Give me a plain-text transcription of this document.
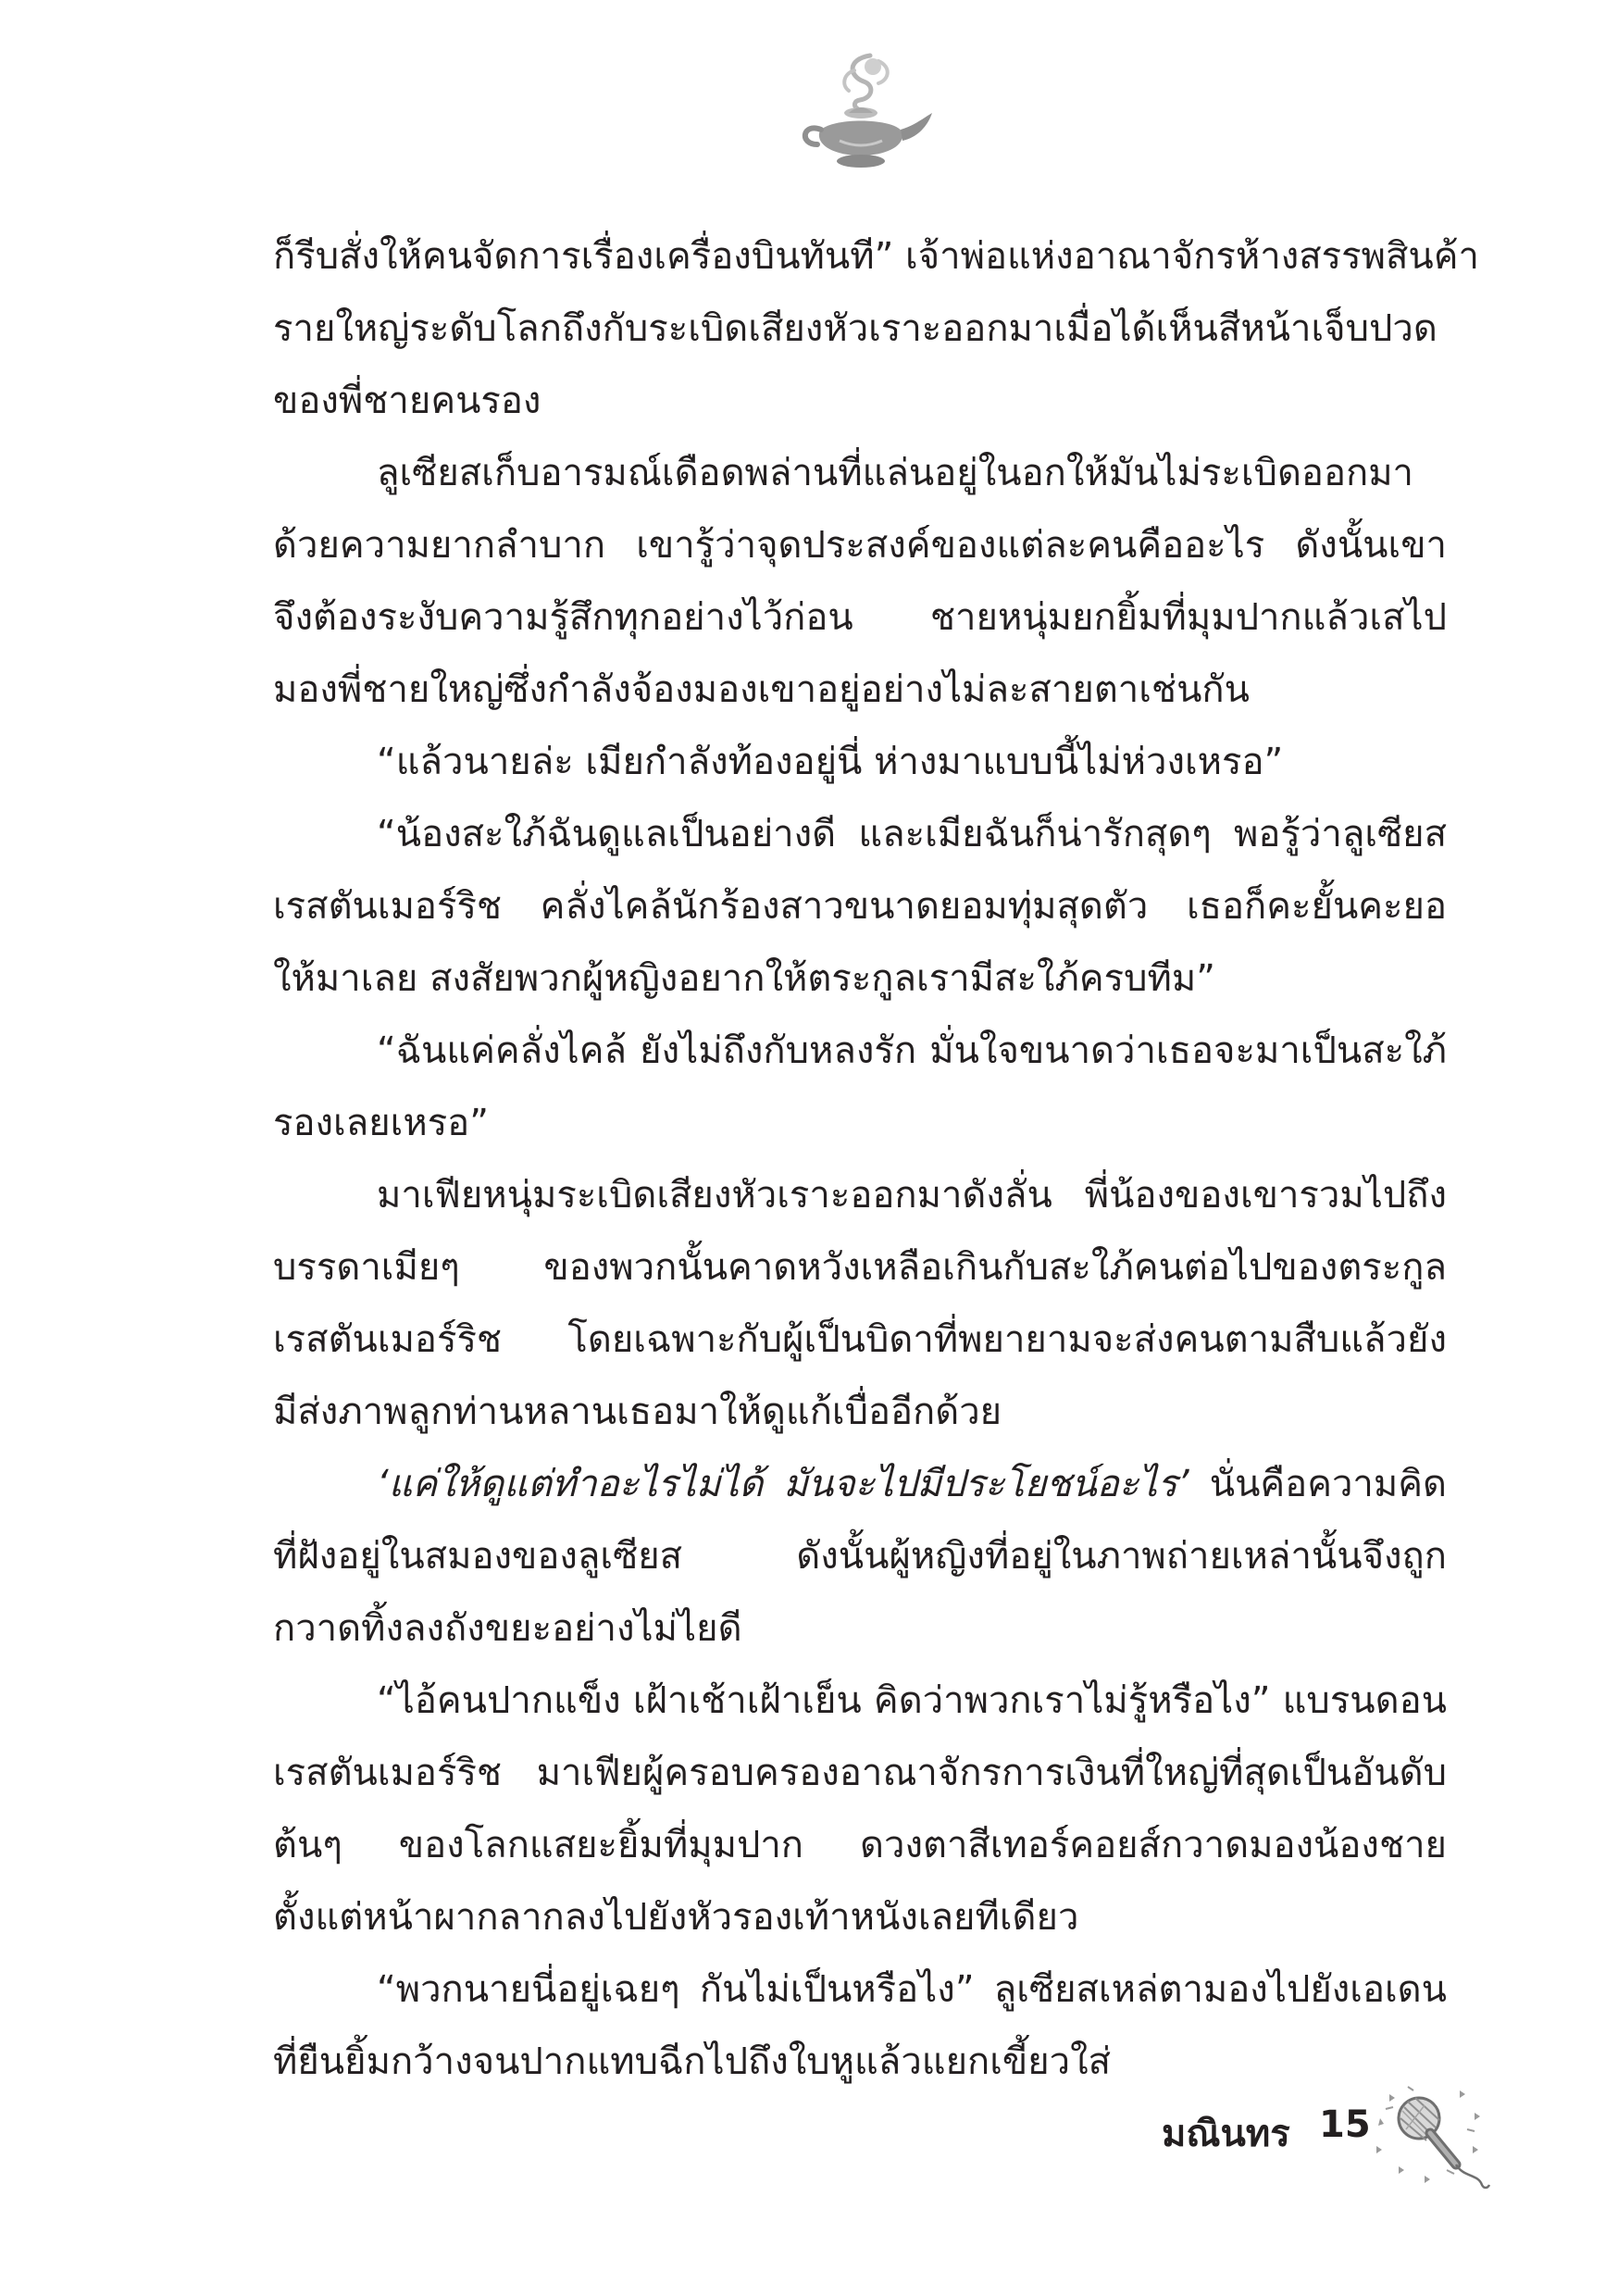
ก็รีบสั่งให้คนจัดการเรื่องเครื่องบินทันที” เจ้าพ่อแห่งอาณาจักรห้างสรรพสินค้า
รายใหญ่ระดับโลกถึงกับระเบิดเสียงหัวเราะออกมาเมื่อได้เห็นสีหน้าเจ็บปวด
ของพี่ชายคนรอง
ลูเซียสเก็บอารมณ์เดือดพล่านที่แล่นอยู่ในอกให้มันไม่ระเบิดออกมา
ด้วยความยากลำบาก เขารู้ว่าจุดประสงค์ของแต่ละคนคืออะไร ดังนั้นเขา
จึงต้องระงับความรู้สึกทุกอย่างไว้ก่อน ชายหนุ่มยกยิ้มที่มุมปากแล้วเสไป
มองพี่ชายใหญ่ซึ่งกำลังจ้องมองเขาอยู่อย่างไม่ละสายตาเช่นกัน
“แล้วนายล่ะ เมียกำลังท้องอยู่นี่ ห่างมาแบบนี้ไม่ห่วงเหรอ”
“น้องสะใภ้ฉันดูแลเป็นอย่างดี และเมียฉันก็น่ารักสุดๆ พอรู้ว่าลูเซียส
เรสตันเมอร์ริช คลั่งไคล้นักร้องสาวขนาดยอมทุ่มสุดตัว เธอก็คะยั้นคะยอ
ให้มาเลย สงสัยพวกผู้หญิงอยากให้ตระกูลเรามีสะใภ้ครบทีม”
“ฉันแค่คลั่งไคล้ ยังไม่ถึงกับหลงรัก มั่นใจขนาดว่าเธอจะมาเป็นสะใภ้
รองเลยเหรอ”
มาเฟียหนุ่มระเบิดเสียงหัวเราะออกมาดังลั่น พี่น้องของเขารวมไปถึง
บรรดาเมียๆ ของพวกนั้นคาดหวังเหลือเกินกับสะใภ้คนต่อไปของตระกูล
เรสตันเมอร์ริช โดยเฉพาะกับผู้เป็นบิดาที่พยายามจะส่งคนตามสืบแล้วยัง
มีส่งภาพลูกท่านหลานเธอมาให้ดูแก้เบื่ออีกด้วย
‘แค่ให้ดูแต่ทำอะไรไม่ได้ มันจะไปมีประโยชน์อะไร’ นั่นคือความคิด
ที่ฝังอยู่ในสมองของลูเซียส ดังนั้นผู้หญิงที่อยู่ในภาพถ่ายเหล่านั้นจึงถูก
กวาดทิ้งลงถังขยะอย่างไม่ไยดี
“ไอ้คนปากแข็ง เฝ้าเช้าเฝ้าเย็น คิดว่าพวกเราไม่รู้หรือไง” แบรนดอน
เรสตันเมอร์ริช มาเฟียผู้ครอบครองอาณาจักรการเงินที่ใหญ่ที่สุดเป็นอันดับ
ต้นๆ ของโลกแสยะยิ้มที่มุมปาก ดวงตาสีเทอร์คอยส์กวาดมองน้องชาย
ตั้งแต่หน้าผากลากลงไปยังหัวรองเท้าหนังเลยทีเดียว
“พวกนายนี่อยู่เฉยๆ กันไม่เป็นหรือไง” ลูเซียสเหล่ตามองไปยังเอเดน
ที่ยืนยิ้มกว้างจนปากแทบฉีกไปถึงใบหูแล้วแยกเขี้ยวใส่
มณินทร 15
